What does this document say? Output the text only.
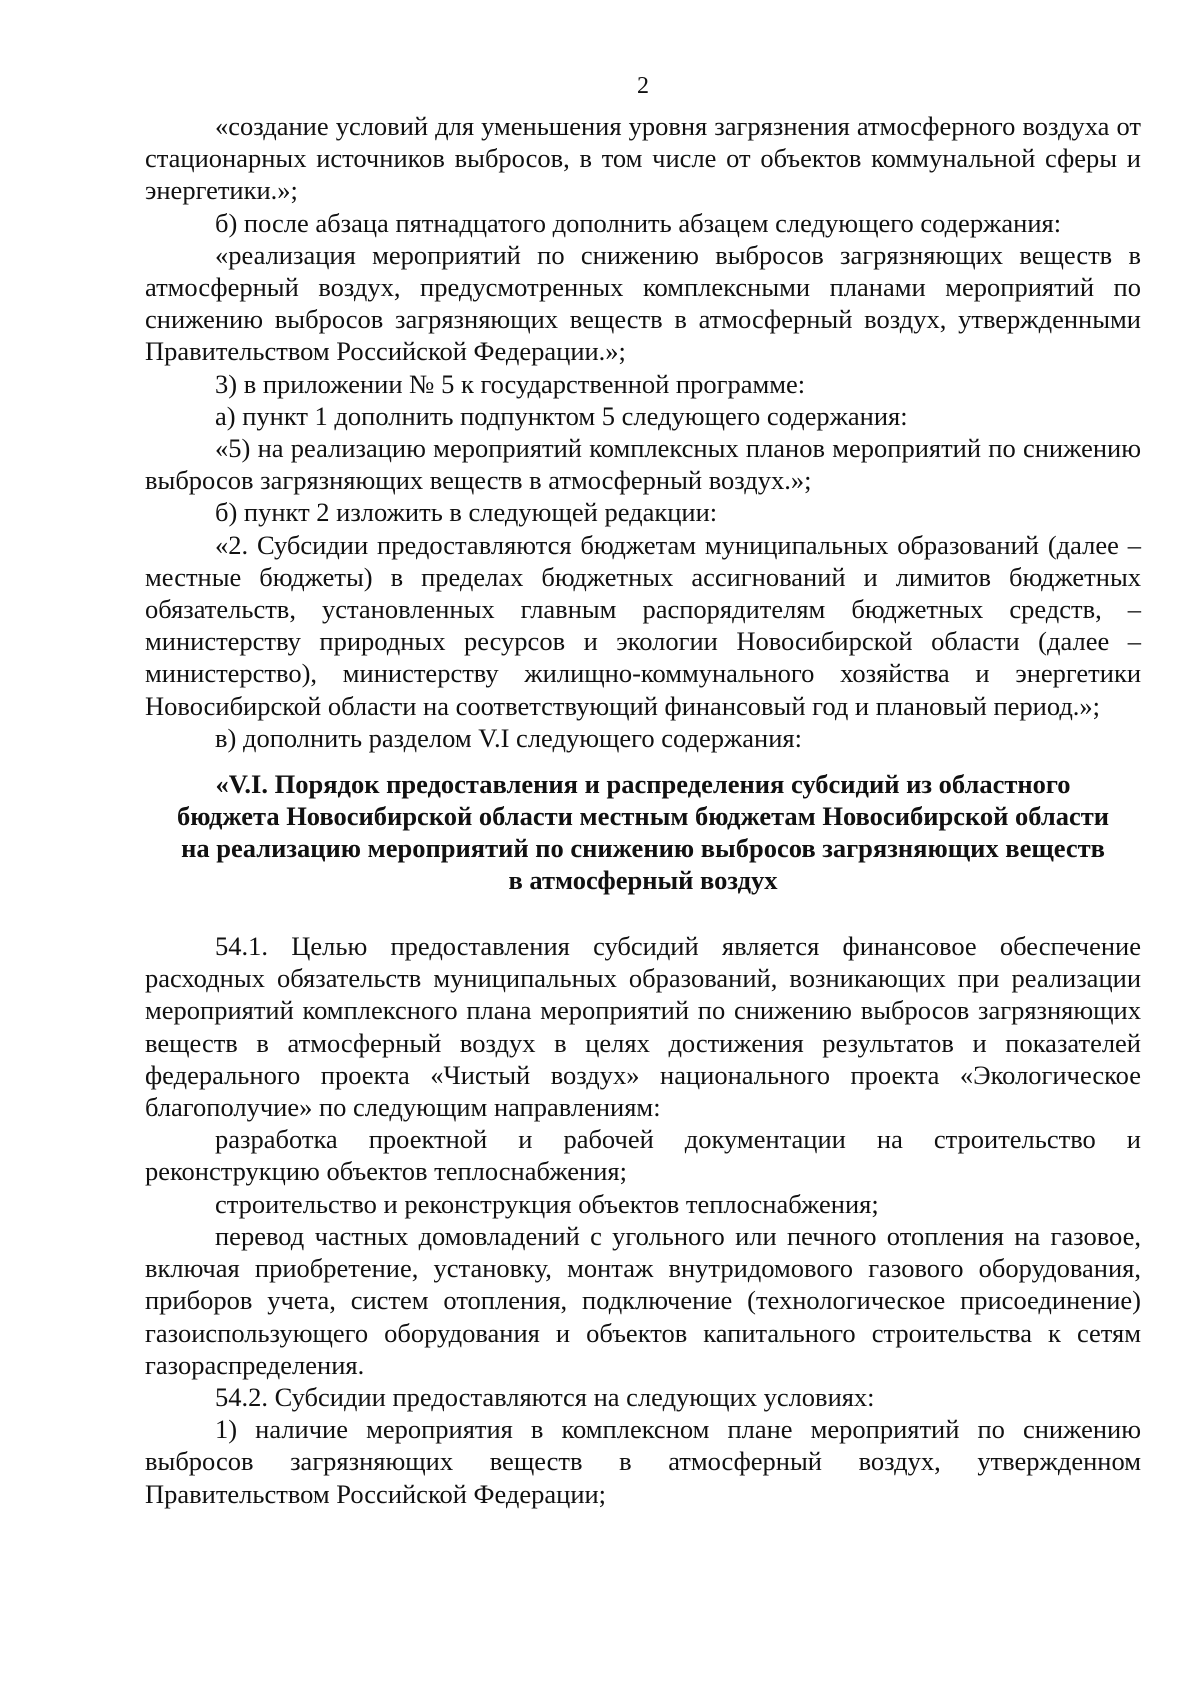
2

«создание условий для уменьшения уровня загрязнения атмосферного воздуха от стационарных источников выбросов, в том числе от объектов коммунальной сферы и энергетики.»;

б) после абзаца пятнадцатого дополнить абзацем следующего содержания:

«реализация мероприятий по снижению выбросов загрязняющих веществ в атмосферный воздух, предусмотренных комплексными планами мероприятий по снижению выбросов загрязняющих веществ в атмосферный воздух, утвержденными Правительством Российской Федерации.»;

3) в приложении № 5 к государственной программе:

а) пункт 1 дополнить подпунктом 5 следующего содержания:

«5) на реализацию мероприятий комплексных планов мероприятий по снижению выбросов загрязняющих веществ в атмосферный воздух.»;

б) пункт 2 изложить в следующей редакции:

«2. Субсидии предоставляются бюджетам муниципальных образований (далее – местные бюджеты) в пределах бюджетных ассигнований и лимитов бюджетных обязательств, установленных главным распорядителям бюджетных средств, – министерству природных ресурсов и экологии Новосибирской области (далее – министерство), министерству жилищно-коммунального хозяйства и энергетики Новосибирской области на соответствующий финансовый год и плановый период.»;

в) дополнить разделом V.I следующего содержания:

«V.I. Порядок предоставления и распределения субсидий из областного
бюджета Новосибирской области местным бюджетам Новосибирской области
на реализацию мероприятий по снижению выбросов загрязняющих веществ
в атмосферный воздух

54.1. Целью предоставления субсидий является финансовое обеспечение расходных обязательств муниципальных образований, возникающих при реализации мероприятий комплексного плана мероприятий по снижению выбросов загрязняющих веществ в атмосферный воздух в целях достижения результатов и показателей федерального проекта «Чистый воздух» национального проекта «Экологическое благополучие» по следующим направлениям:

разработка проектной и рабочей документации на строительство и реконструкцию объектов теплоснабжения;

строительство и реконструкция объектов теплоснабжения;

перевод частных домовладений с угольного или печного отопления на газовое, включая приобретение, установку, монтаж внутридомового газового оборудования, приборов учета, систем отопления, подключение (технологическое присоединение) газоиспользующего оборудования и объектов капитального строительства к сетям газораспределения.

54.2. Субсидии предоставляются на следующих условиях:

1) наличие мероприятия в комплексном плане мероприятий по снижению выбросов загрязняющих веществ в атмосферный воздух, утвержденном Правительством Российской Федерации;
